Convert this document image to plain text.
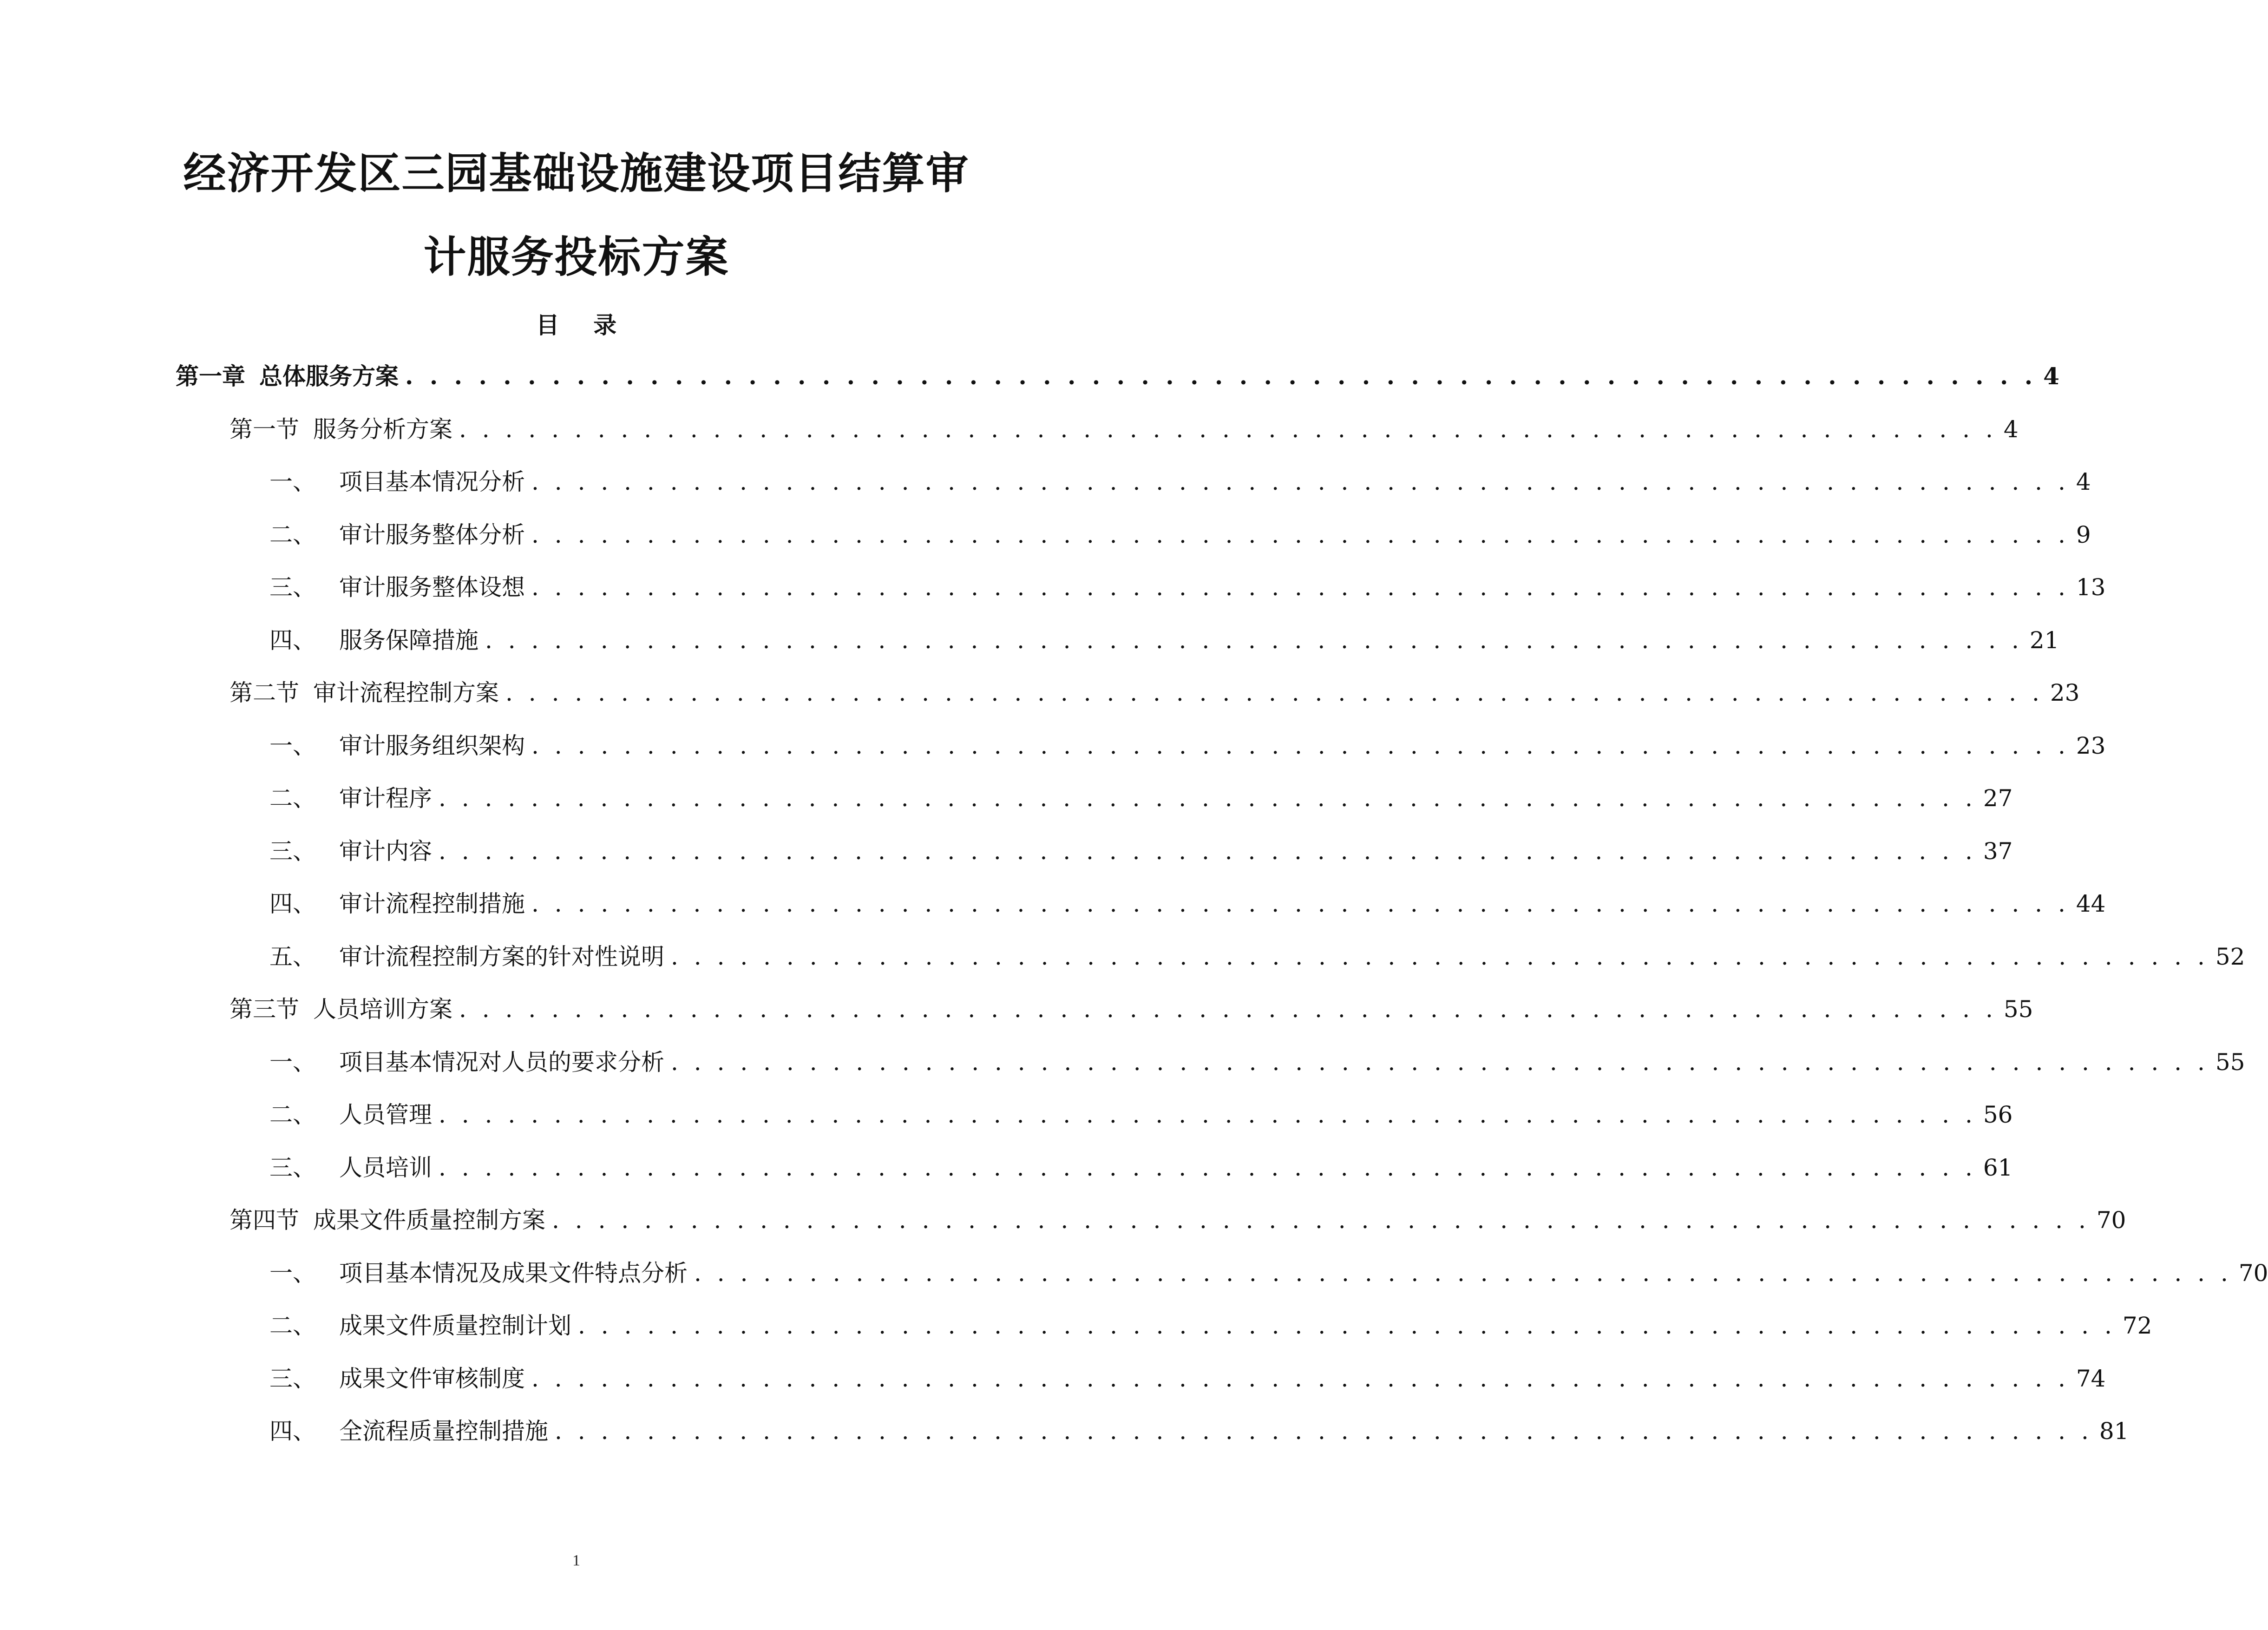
经济开发区三园基础设施建设项目结算审
计服务投标方案
目 录
第一章 总体服务方案 . . . . . . . . . . . . . . . . . . . . . . . . . . . . . . . . . . . . . . . . . . . . . . . . . . . . . . . . . . . . . . . . . . . 4
第一节 服务分析方案 . . . . . . . . . . . . . . . . . . . . . . . . . . . . . . . . . . . . . . . . . . . . . . . . . . . . . . . . . . . . . . . . . . . 4
一、	项目基本情况分析 . . . . . . . . . . . . . . . . . . . . . . . . . . . . . . . . . . . . . . . . . . . . . . . . . . . . . . . . . . . . . . . . . . . 4
二、	审计服务整体分析 . . . . . . . . . . . . . . . . . . . . . . . . . . . . . . . . . . . . . . . . . . . . . . . . . . . . . . . . . . . . . . . . . . . 9
三、	审计服务整体设想 . . . . . . . . . . . . . . . . . . . . . . . . . . . . . . . . . . . . . . . . . . . . . . . . . . . . . . . . . . . . . . . . . . . 13
四、	服务保障措施 . . . . . . . . . . . . . . . . . . . . . . . . . . . . . . . . . . . . . . . . . . . . . . . . . . . . . . . . . . . . . . . . . . . 21
第二节 审计流程控制方案 . . . . . . . . . . . . . . . . . . . . . . . . . . . . . . . . . . . . . . . . . . . . . . . . . . . . . . . . . . . . . . . . . . . 23
一、	审计服务组织架构 . . . . . . . . . . . . . . . . . . . . . . . . . . . . . . . . . . . . . . . . . . . . . . . . . . . . . . . . . . . . . . . . . . . 23
二、	审计程序 . . . . . . . . . . . . . . . . . . . . . . . . . . . . . . . . . . . . . . . . . . . . . . . . . . . . . . . . . . . . . . . . . . . 27
三、	审计内容 . . . . . . . . . . . . . . . . . . . . . . . . . . . . . . . . . . . . . . . . . . . . . . . . . . . . . . . . . . . . . . . . . . . 37
四、	审计流程控制措施 . . . . . . . . . . . . . . . . . . . . . . . . . . . . . . . . . . . . . . . . . . . . . . . . . . . . . . . . . . . . . . . . . . . 44
五、	审计流程控制方案的针对性说明 . . . . . . . . . . . . . . . . . . . . . . . . . . . . . . . . . . . . . . . . . . . . . . . . . . . . . . . . . . . . . . . . . . . 52
第三节 人员培训方案 . . . . . . . . . . . . . . . . . . . . . . . . . . . . . . . . . . . . . . . . . . . . . . . . . . . . . . . . . . . . . . . . . . . 55
一、	项目基本情况对人员的要求分析 . . . . . . . . . . . . . . . . . . . . . . . . . . . . . . . . . . . . . . . . . . . . . . . . . . . . . . . . . . . . . . . . . . . 55
二、	人员管理 . . . . . . . . . . . . . . . . . . . . . . . . . . . . . . . . . . . . . . . . . . . . . . . . . . . . . . . . . . . . . . . . . . . 56
三、	人员培训 . . . . . . . . . . . . . . . . . . . . . . . . . . . . . . . . . . . . . . . . . . . . . . . . . . . . . . . . . . . . . . . . . . . 61
第四节 成果文件质量控制方案 . . . . . . . . . . . . . . . . . . . . . . . . . . . . . . . . . . . . . . . . . . . . . . . . . . . . . . . . . . . . . . . . . . . 70
一、	项目基本情况及成果文件特点分析 . . . . . . . . . . . . . . . . . . . . . . . . . . . . . . . . . . . . . . . . . . . . . . . . . . . . . . . . . . . . . . . . . . . 70
二、	成果文件质量控制计划 . . . . . . . . . . . . . . . . . . . . . . . . . . . . . . . . . . . . . . . . . . . . . . . . . . . . . . . . . . . . . . . . . . . 72
三、	成果文件审核制度 . . . . . . . . . . . . . . . . . . . . . . . . . . . . . . . . . . . . . . . . . . . . . . . . . . . . . . . . . . . . . . . . . . . 74
四、	全流程质量控制措施 . . . . . . . . . . . . . . . . . . . . . . . . . . . . . . . . . . . . . . . . . . . . . . . . . . . . . . . . . . . . . . . . . . . 81
1
